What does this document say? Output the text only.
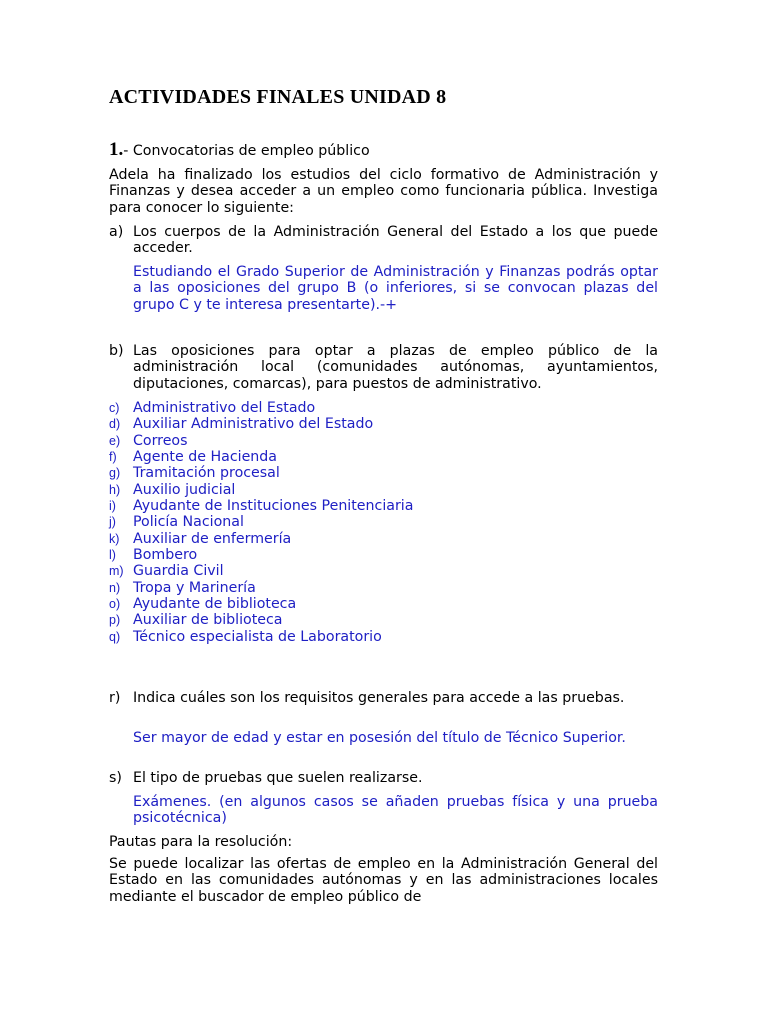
ACTIVIDADES FINALES UNIDAD 8
1.- Convocatorias de empleo público

Adela ha finalizado los estudios del ciclo formativo de Administración y Finanzas y desea acceder a un empleo como funcionaria pública. Investiga para conocer lo siguiente:

a) Los cuerpos de la Administración General del Estado a los que puede acceder.

Estudiando el Grado Superior de Administración y Finanzas podrás optar a las oposiciones del grupo B (o inferiores, si se convocan plazas del grupo C y te interesa presentarte).-+

b) Las oposiciones para optar a plazas de empleo público de la administración local (comunidades autónomas, ayuntamientos, diputaciones, comarcas), para puestos de administrativo.
c) Administrativo del Estado
d) Auxiliar Administrativo del Estado
e) Correos
f) Agente de Hacienda
g) Tramitación procesal
h) Auxilio judicial
i) Ayudante de Instituciones Penitenciaria
j) Policía Nacional
k) Auxiliar de enfermería
l) Bombero
m) Guardia Civil
n) Tropa y Marinería
o) Ayudante de biblioteca
p) Auxiliar de biblioteca
q) Técnico especialista de Laboratorio
r) Indica cuáles son los requisitos generales para accede a las pruebas.

Ser mayor de edad y estar en posesión del título de Técnico Superior.

s) El tipo de pruebas que suelen realizarse.

Exámenes. (en algunos casos se añaden pruebas física y una prueba psicotécnica)

Pautas para la resolución:

Se puede localizar las ofertas de empleo en la Administración General del Estado en las comunidades autónomas y en las administraciones locales mediante el buscador de empleo público de
